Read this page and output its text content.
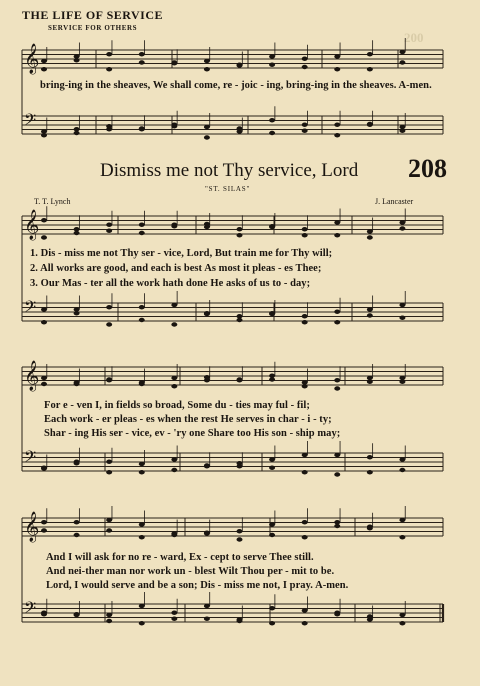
THE LIFE OF SERVICE
SERVICE FOR OTHERS
200
𝄞
𝄢
𝄞
𝄢
𝄞
𝄢
𝄞
𝄢
bring-ing in the sheaves, We shall come, re - joic - ing, bring-ing in the sheaves. A-men.
Dismiss me not Thy service, Lord 208
"ST. SILAS"
T. T. Lynch	J. Lancaster
1. Dis - miss me not Thy ser - vice, Lord, But train me for Thy will;
2. All works are good, and each is best As most it pleas - es Thee;
3. Our Mas - ter all the work hath done He asks of us to - day;
For e - ven I, in fields so broad, Some du - ties may ful - fil;
Each work - er pleas - es when the rest He serves in char - i - ty;
Shar - ing His ser - vice, ev - 'ry one Share too His son - ship may;
And I will ask for no re - ward, Ex - cept to serve Thee still.
And nei-ther man nor work un - blest Wilt Thou per - mit to be.
Lord, I would serve and be a son; Dis - miss me not, I pray. A-men.
